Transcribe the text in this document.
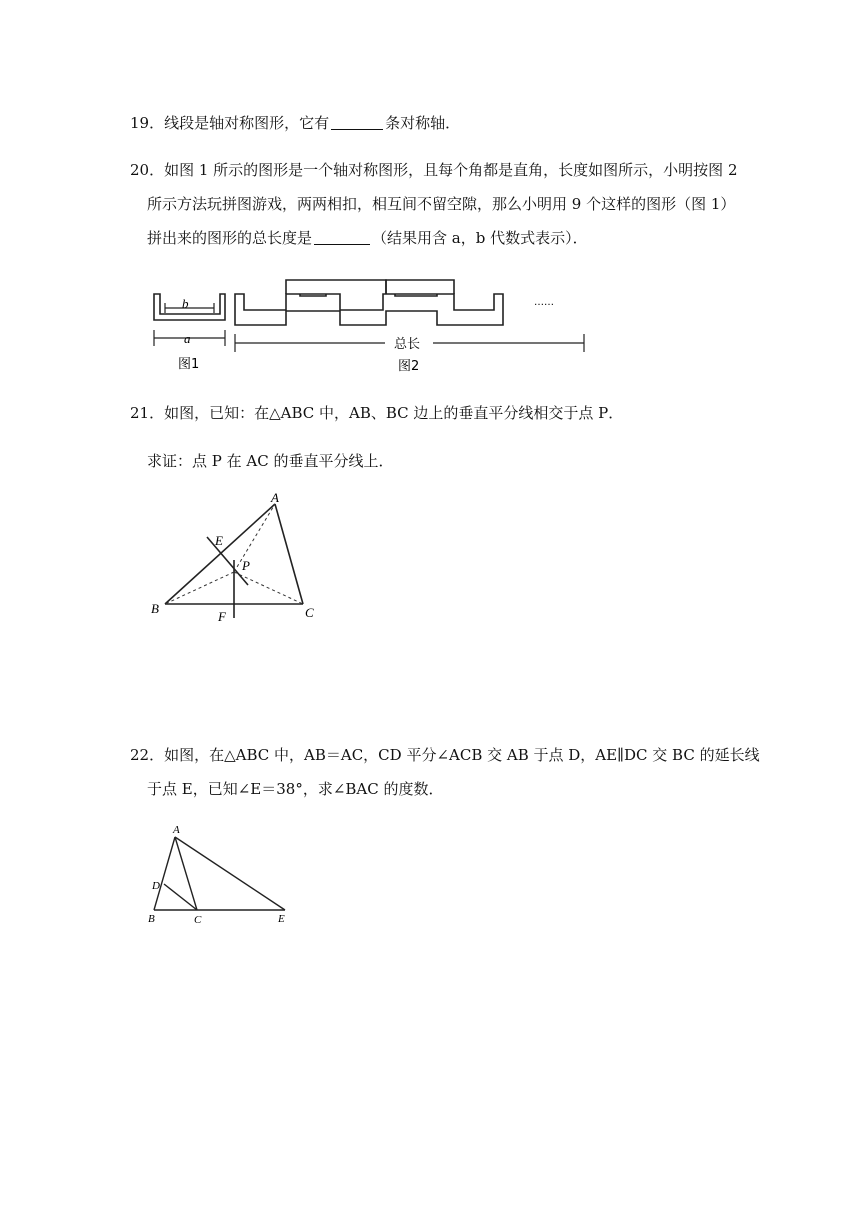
19．线段是轴对称图形，它有	条对称轴．
20．如图 1 所示的图形是一个轴对称图形，且每个角都是直角，长度如图所示，小明按图 2
所示方法玩拼图游戏，两两相扣，相互间不留空隙，那么小明用 9 个这样的图形（图 1）
拼出来的图形的总长度是	（结果用含 a，b 代数式表示）．
b
a
图1	图2
总长
……
21．如图，已知：在△ABC 中，AB、BC 边上的垂直平分线相交于点 P．
求证：点 P 在 AC 的垂直平分线上．
A
B	C
E
F
P
22．如图，在△ABC 中，AB＝AC，CD 平分∠ACB 交 AB 于点 D，AE∥DC 交 BC 的延长线
于点 E，已知∠E＝38°，求∠BAC 的度数．
A
B	C
D
E
